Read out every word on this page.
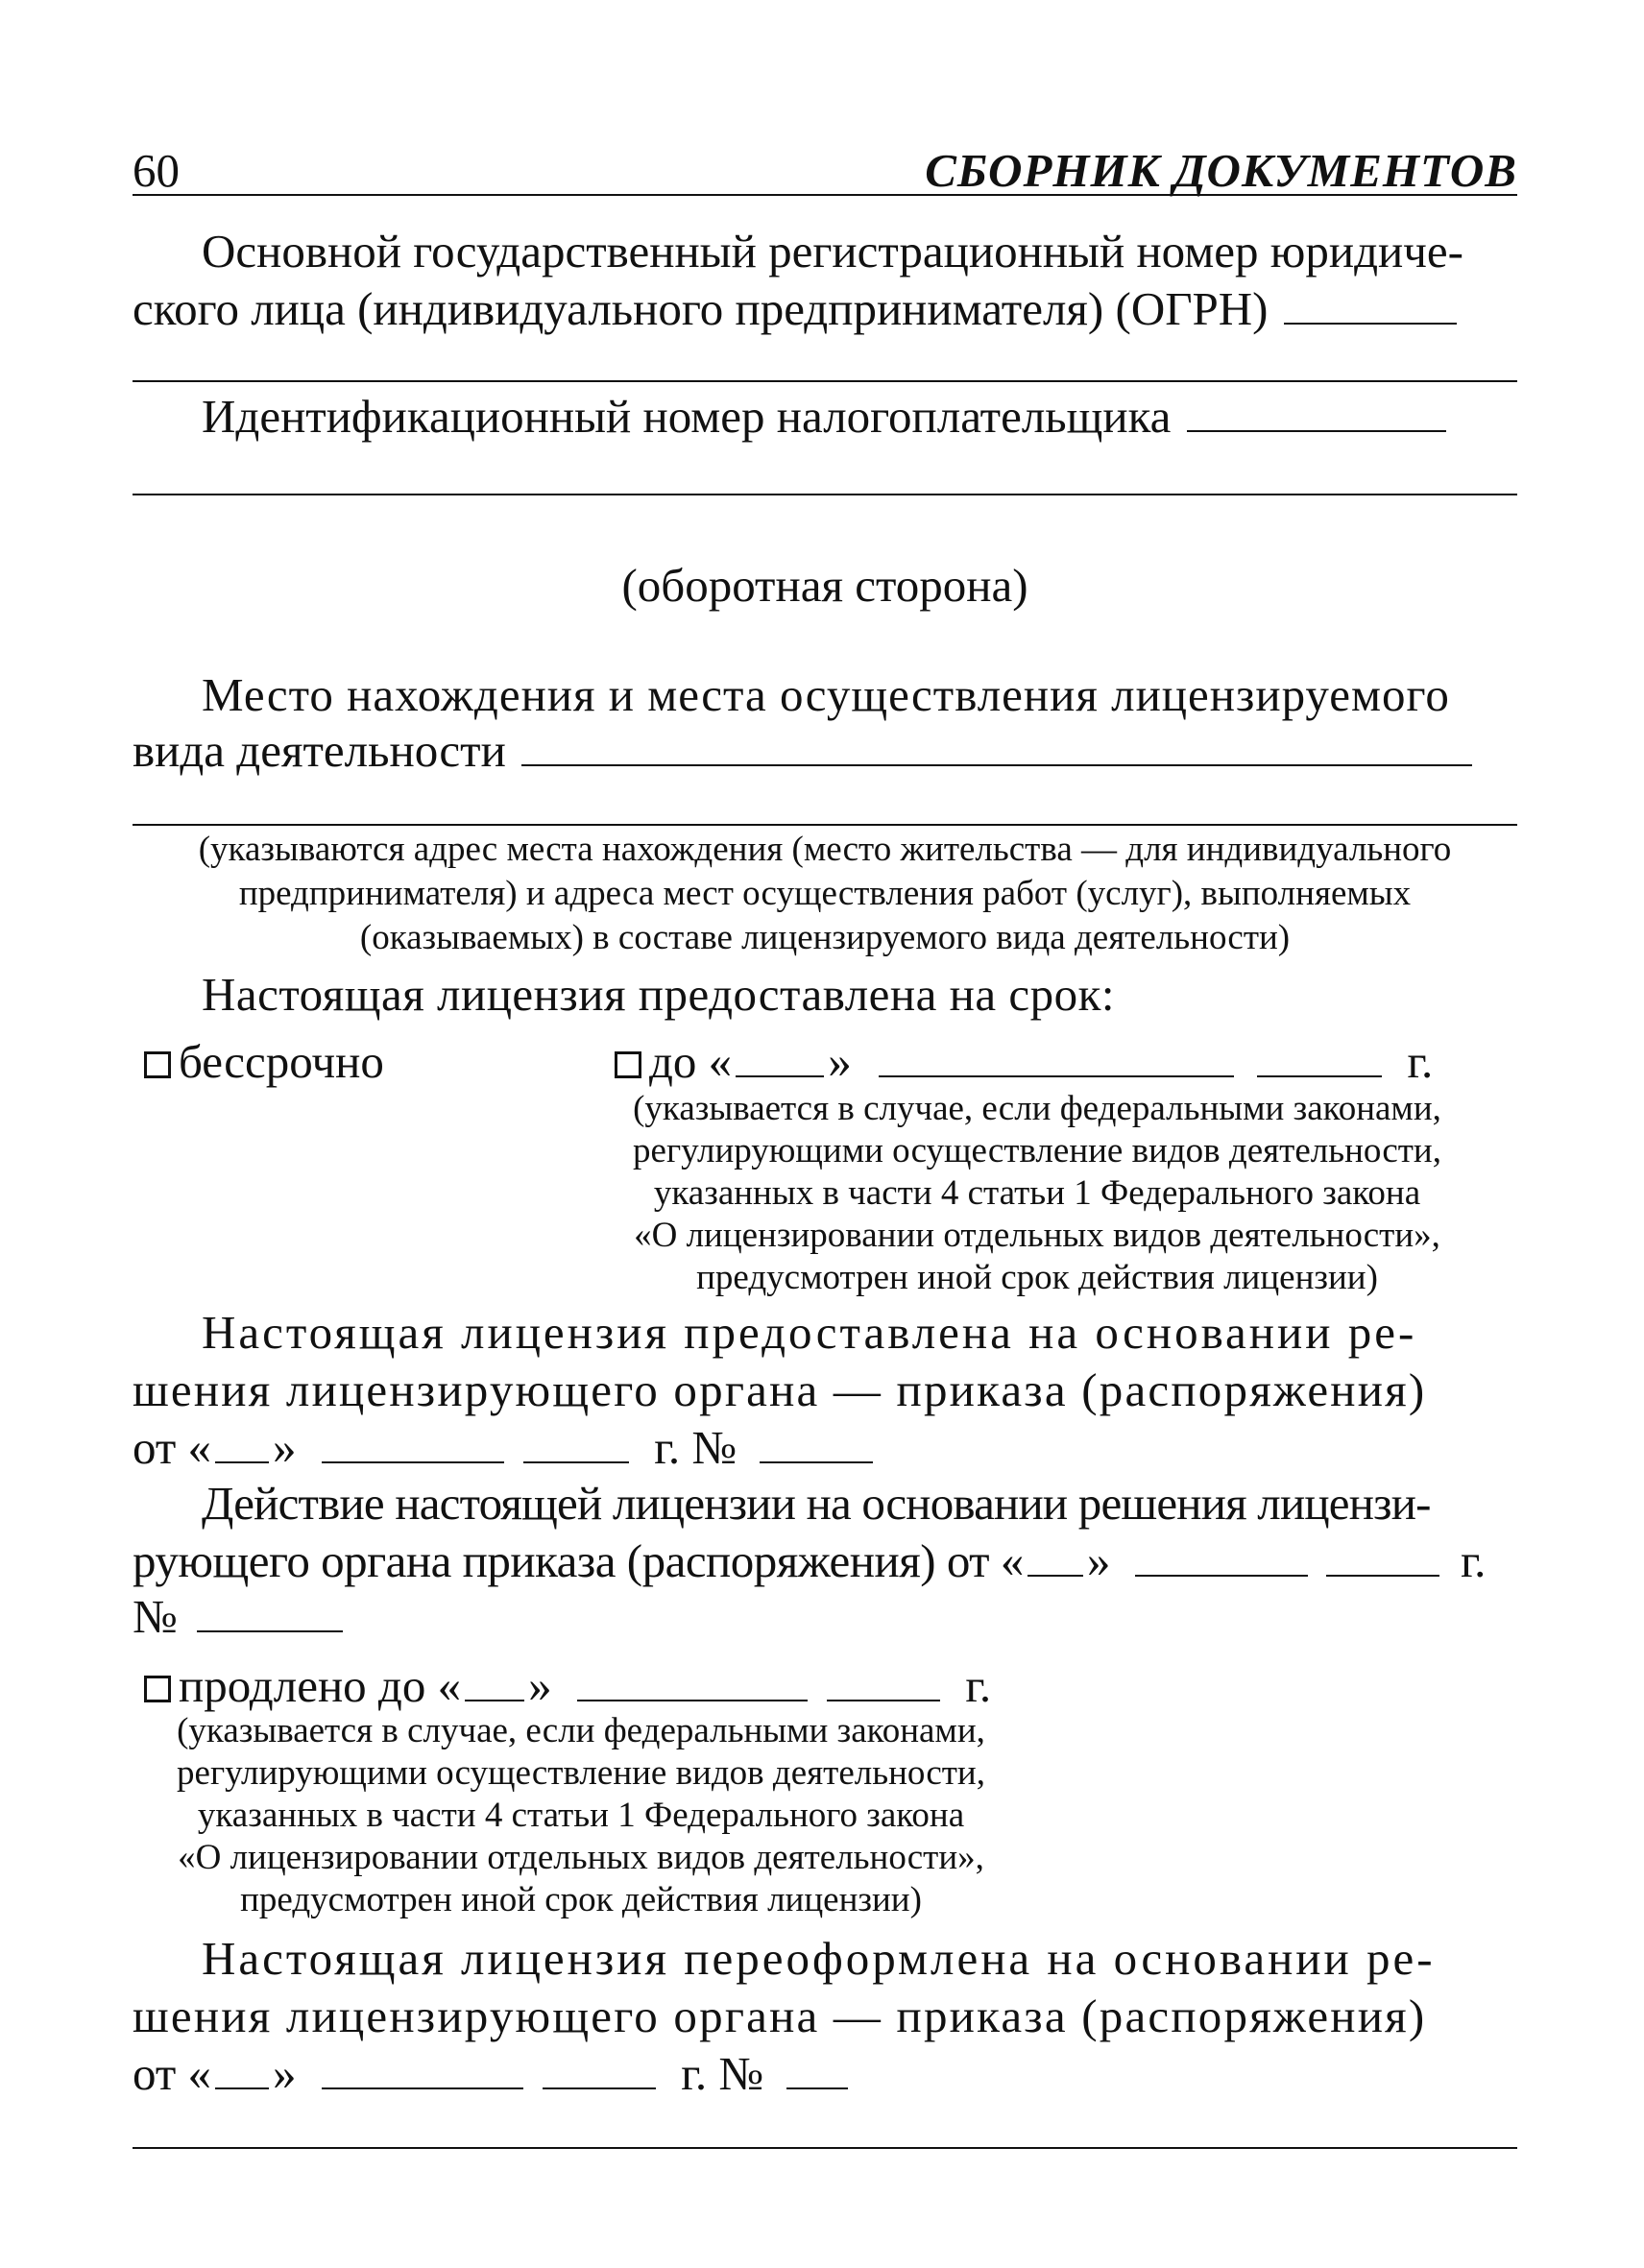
60	СБОРНИК ДОКУМЕНТОВ
Основной государственный регистрационный номер юридиче-
ского лица (индивидуального предпринимателя) (ОГРН)
Идентификационный номер налогоплательщика
(оборотная сторона)
Место нахождения и места осуществления лицензируемого
вида деятельности
(указываются адрес места нахождения (место жительства — для индивидуального
предпринимателя) и адреса мест осуществления работ (услуг), выполняемых
(оказываемых) в составе лицензируемого вида деятельности)
Настоящая лицензия предоставлена на срок:
бессрочно	до « »	г.
(указывается в случае, если федеральными законами,
регулирующими осуществление видов деятельности,
указанных в части 4 статьи 1 Федерального закона
«О лицензировании отдельных видов деятельности»,
предусмотрен иной срок действия лицензии)
Настоящая лицензия предоставлена на основании ре-
шения лицензирующего органа — приказа (распоряжения)
от « »	г. №
Действие настоящей лицензии на основании решения лицензи-
рующего органа приказа (распоряжения) от « »	г.
№
продлено до « »	г.
(указывается в случае, если федеральными законами,
регулирующими осуществление видов деятельности,
указанных в части 4 статьи 1 Федерального закона
«О лицензировании отдельных видов деятельности»,
предусмотрен иной срок действия лицензии)
Настоящая лицензия переоформлена на основании ре-
шения лицензирующего органа — приказа (распоряжения)
от « »	г. №
